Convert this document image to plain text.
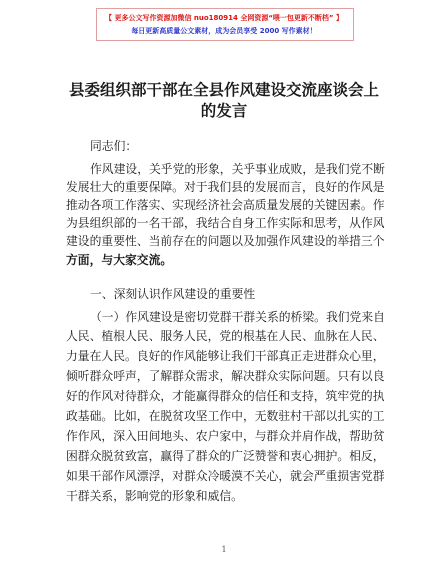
【 更多公文写作资源加微信 nuo180914 全网资源“喂一包更新不断档” 】
每日更新高质量公文素材，成为会员享受 2000 写作素材！
县委组织部干部在全县作风建设交流座谈会上
的发言
同志们：
作风建设，关乎党的形象，关乎事业成败，是我们党不断
发展壮大的重要保障。对于我们县的发展而言，良好的作风是
推动各项工作落实、实现经济社会高质量发展的关键因素。作
为县组织部的一名干部，我结合自身工作实际和思考，从作风
建设的重要性、当前存在的问题以及加强作风建设的举措三个
方面，与大家交流。
一、深刻认识作风建设的重要性
（一）作风建设是密切党群干群关系的桥梁。我们党来自
人民、植根人民、服务人民，党的根基在人民、血脉在人民、
力量在人民。良好的作风能够让我们干部真正走进群众心里，
倾听群众呼声，了解群众需求，解决群众实际问题。只有以良
好的作风对待群众，才能赢得群众的信任和支持，筑牢党的执
政基础。比如，在脱贫攻坚工作中，无数驻村干部以扎实的工
作作风，深入田间地头、农户家中，与群众并肩作战，帮助贫
困群众脱贫致富，赢得了群众的广泛赞誉和衷心拥护。相反，
如果干部作风漂浮，对群众冷暖漠不关心，就会严重损害党群
干群关系，影响党的形象和威信。
1
